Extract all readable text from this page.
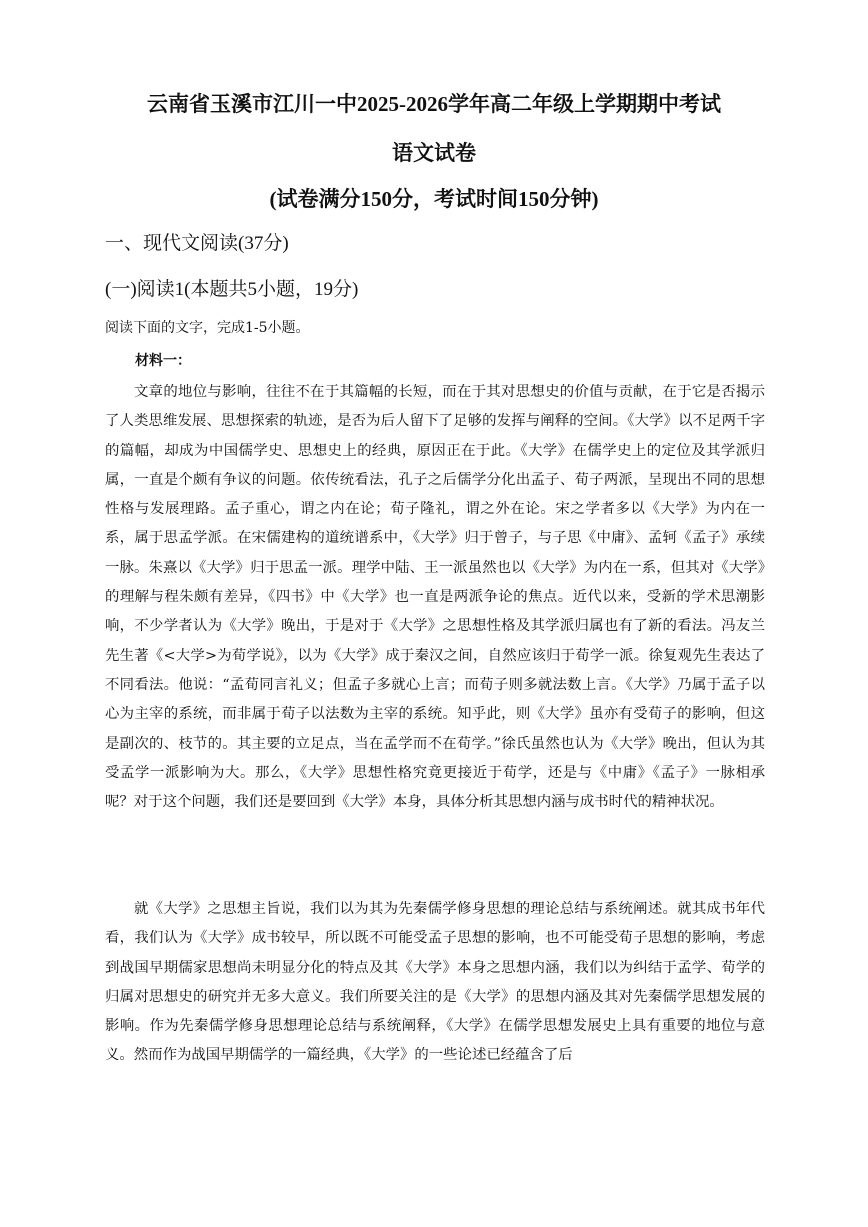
云南省玉溪市江川一中2025-2026学年高二年级上学期期中考试
语文试卷
(试卷满分150分，考试时间150分钟)
一、现代文阅读(37分)
(一)阅读1(本题共5小题，19分)
阅读下面的文字，完成1-5小题。
材料一：

文章的地位与影响，往往不在于其篇幅的长短，而在于其对思想史的价值与贡献，在于它是否揭示了人类思维发展、思想探索的轨迹，是否为后人留下了足够的发挥与阐释的空间。《大学》以不足两千字的篇幅，却成为中国儒学史、思想史上的经典，原因正在于此。《大学》在儒学史上的定位及其学派归属，一直是个颇有争议的问题。依传统看法，孔子之后儒学分化出孟子、荀子两派，呈现出不同的思想性格与发展理路。孟子重心，谓之内在论；荀子隆礼，谓之外在论。宋之学者多以《大学》为内在一系，属于思孟学派。在宋儒建构的道统谱系中，《大学》归于曾子，与子思《中庸》、孟轲《孟子》承续一脉。朱熹以《大学》归于思孟一派。理学中陆、王一派虽然也以《大学》为内在一系，但其对《大学》的理解与程朱颇有差异，《四书》中《大学》也一直是两派争论的焦点。近代以来，受新的学术思潮影响，不少学者认为《大学》晚出，于是对于《大学》之思想性格及其学派归属也有了新的看法。冯友兰先生著《<大学>为荀学说》，以为《大学》成于秦汉之间，自然应该归于荀学一派。徐复观先生表达了不同看法。他说：“孟荀同言礼义；但孟子多就心上言；而荀子则多就法数上言。《大学》乃属于孟子以心为主宰的系统，而非属于荀子以法数为主宰的系统。知乎此，则《大学》虽亦有受荀子的影响，但这是副次的、枝节的。其主要的立足点，当在孟学而不在荀学。”徐氏虽然也认为《大学》晚出，但认为其受孟学一派影响为大。那么，《大学》思想性格究竟更接近于荀学，还是与《中庸》《孟子》一脉相承呢？对于这个问题，我们还是要回到《大学》本身，具体分析其思想内涵与成书时代的精神状况。

就《大学》之思想主旨说，我们以为其为先秦儒学修身思想的理论总结与系统阐述。就其成书年代看，我们认为《大学》成书较早，所以既不可能受孟子思想的影响，也不可能受荀子思想的影响，考虑到战国早期儒家思想尚未明显分化的特点及其《大学》本身之思想内涵，我们以为纠结于孟学、荀学的归属对思想史的研究并无多大意义。我们所要关注的是《大学》的思想内涵及其对先秦儒学思想发展的影响。作为先秦儒学修身思想理论总结与系统阐释，《大学》在儒学思想发展史上具有重要的地位与意义。然而作为战国早期儒学的一篇经典，《大学》的一些论述已经蕴含了后
